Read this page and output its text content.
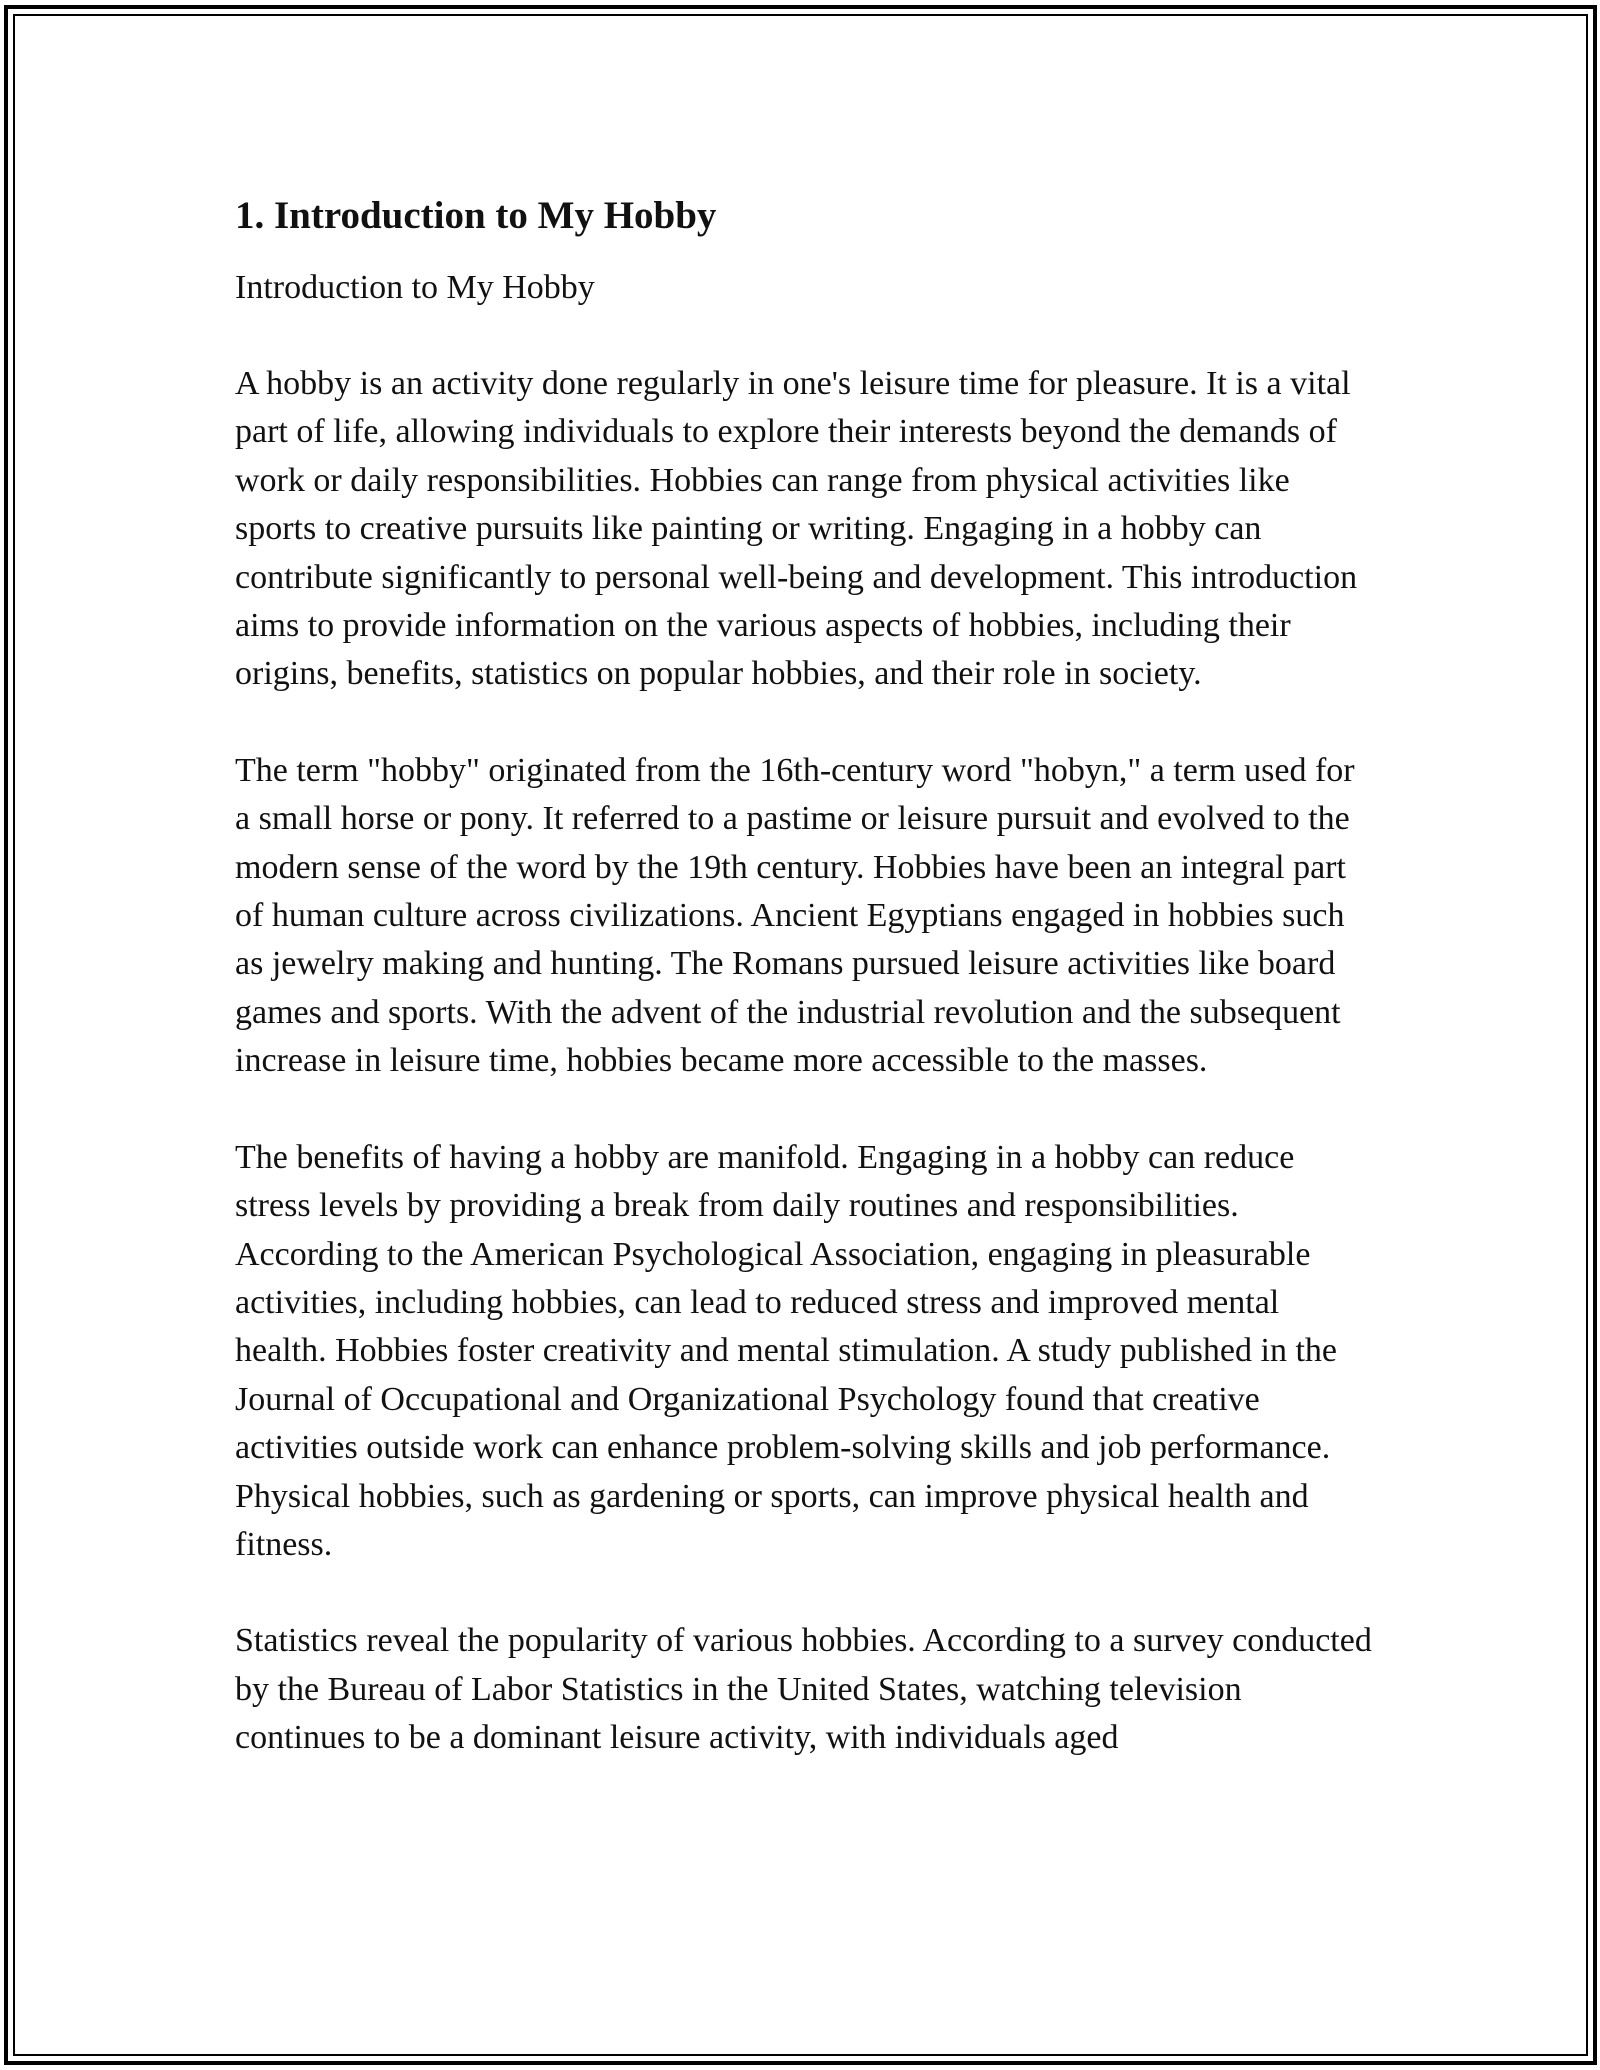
1. Introduction to My Hobby

Introduction to My Hobby

A hobby is an activity done regularly in one's leisure time for pleasure. It is a vital part of life, allowing individuals to explore their interests beyond the demands of work or daily responsibilities. Hobbies can range from physical activities like sports to creative pursuits like painting or writing. Engaging in a hobby can contribute significantly to personal well-being and development. This introduction aims to provide information on the various aspects of hobbies, including their origins, benefits, statistics on popular hobbies, and their role in society.

The term "hobby" originated from the 16th-century word "hobyn," a term used for a small horse or pony. It referred to a pastime or leisure pursuit and evolved to the modern sense of the word by the 19th century. Hobbies have been an integral part of human culture across civilizations. Ancient Egyptians engaged in hobbies such as jewelry making and hunting. The Romans pursued leisure activities like board games and sports. With the advent of the industrial revolution and the subsequent increase in leisure time, hobbies became more accessible to the masses.

The benefits of having a hobby are manifold. Engaging in a hobby can reduce stress levels by providing a break from daily routines and responsibilities. According to the American Psychological Association, engaging in pleasurable activities, including hobbies, can lead to reduced stress and improved mental health. Hobbies foster creativity and mental stimulation. A study published in the Journal of Occupational and Organizational Psychology found that creative activities outside work can enhance problem-solving skills and job performance. Physical hobbies, such as gardening or sports, can improve physical health and fitness.

Statistics reveal the popularity of various hobbies. According to a survey conducted by the Bureau of Labor Statistics in the United States, watching television continues to be a dominant leisure activity, with individuals aged
